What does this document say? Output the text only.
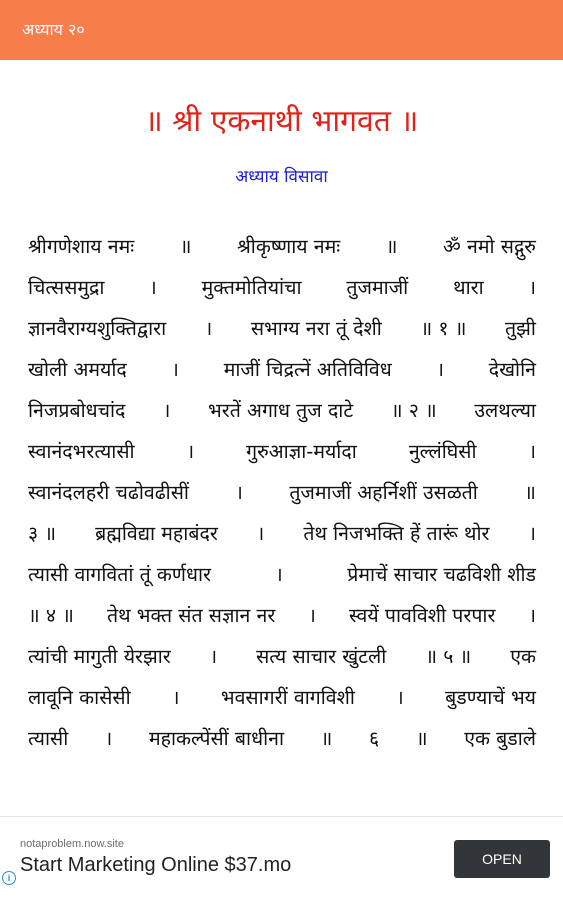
अध्याय २०
॥ श्री एकनाथी भागवत ॥
अध्याय विसावा
श्रीगणेशाय नमः ॥ श्रीकृष्णाय नमः ॥ ॐ नमो सद्गुरु
चित्ससमुद्रा । मुक्तमोतियांचा तुजमाजीं थारा ।
ज्ञानवैराग्यशुक्तिद्वारा । सभाग्य नरा तूं देशी ॥ १ ॥ तुझी
खोली अमर्याद । माजीं चिद्रत्नें अतिविविध । देखोनि
निजप्रबोधचांद । भरतें अगाध तुज दाटे ॥ २ ॥ उलथल्या
स्वानंदभरत्यासी	।	गुरुआज्ञा-मर्यादा	नुल्लंघिसी	।
स्वानंदलहरी चढोवढीसीं । तुजमाजीं अहर्निशीं उसळती ॥
३ ॥ ब्रह्मविद्या महाबंदर । तेथ निजभक्ति हें तारूं थोर ।
त्यासी वागवितां तूं कर्णधार	।	प्रेमाचें साचार चढविशी शीड
॥ ४ ॥ तेथ भक्त संत सज्ञान नर । स्वयें पावविशी परपार ।
त्यांची मागुती येरझार । सत्य साचार खुंटली ॥ ५ ॥ एक
लावूनि कासेसी । भवसागरीं वागविशी । बुडण्याचें भय
त्यासी । महाकल्पेंसीं बाधीना ॥ ६ ॥ एक बुडाले
notaproblem.now.site
Start Marketing Online $37.mo	OPEN
i
